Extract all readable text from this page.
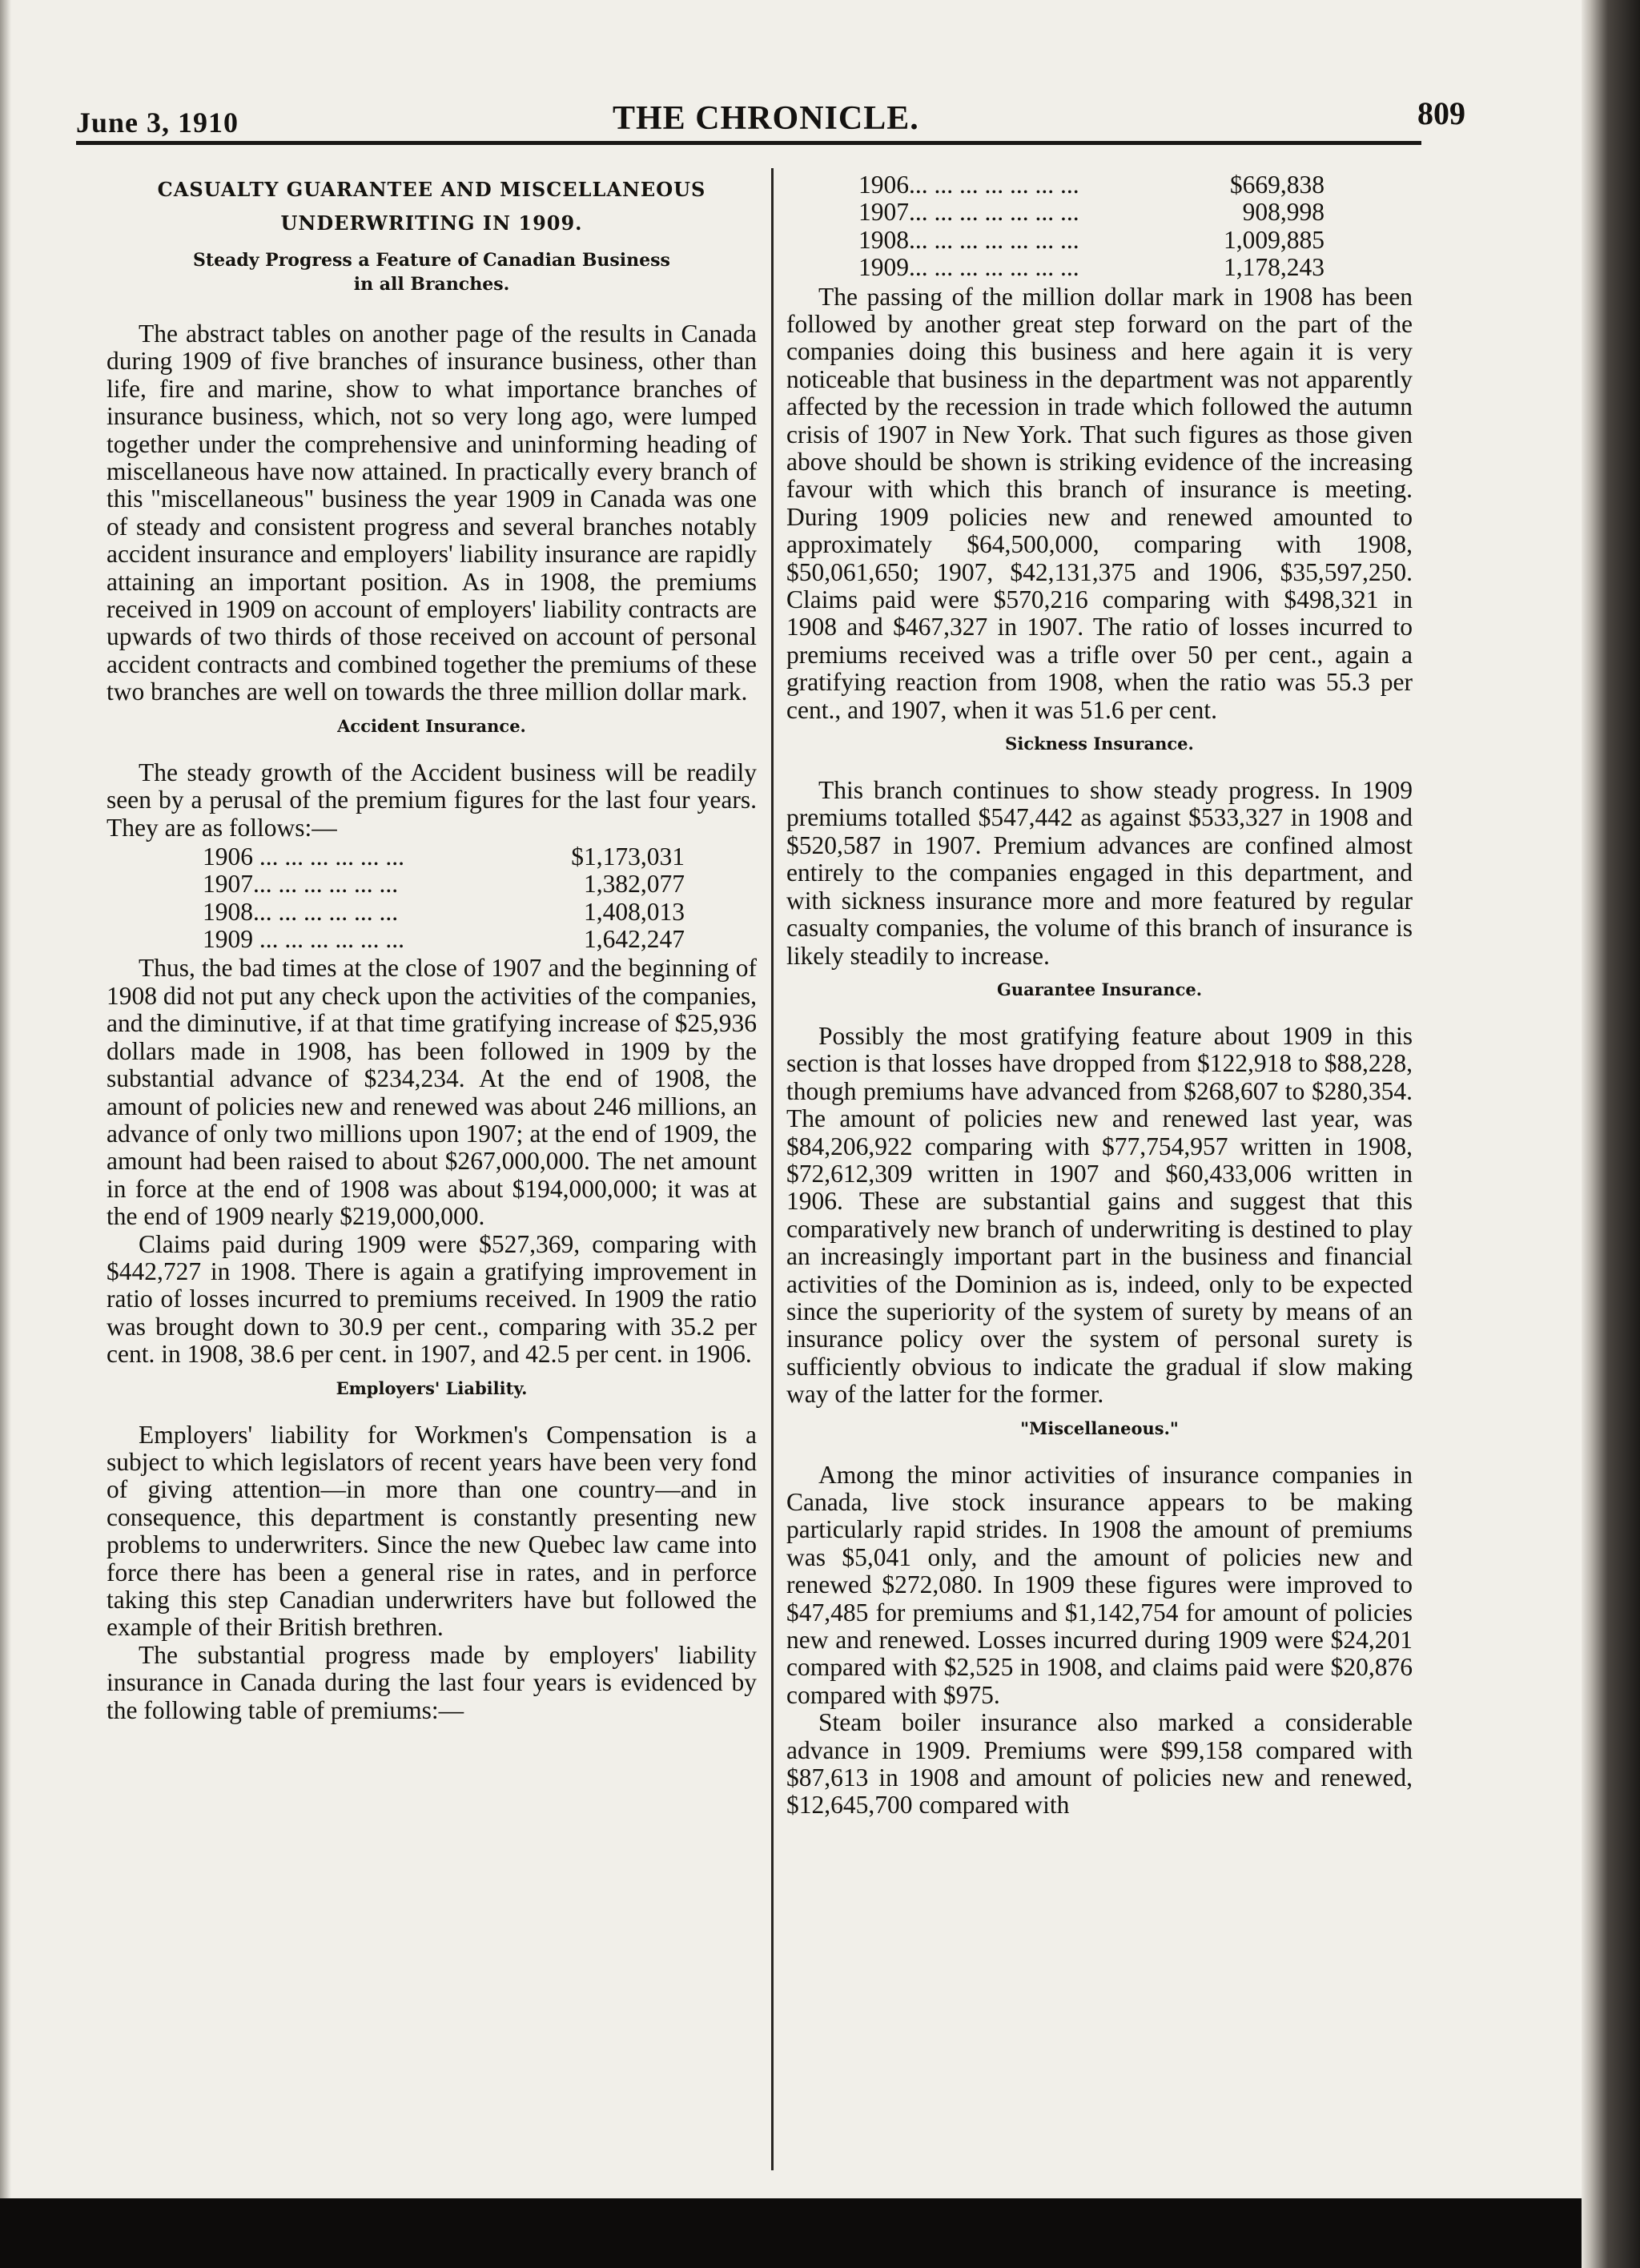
June 3, 1910	THE CHRONICLE.	809
CASUALTY GUARANTEE AND MISCELLANEOUS
UNDERWRITING IN 1909.
Steady Progress a Feature of Canadian Business
in all Branches.

The abstract tables on another page of the results in Canada during 1909 of five branches of insurance business, other than life, fire and marine, show to what importance branches of insurance business, which, not so very long ago, were lumped together under the comprehensive and uninforming heading of miscellaneous have now attained. In practically every branch of this "miscellaneous" business the year 1909 in Canada was one of steady and consistent progress and several branches notably accident insurance and employers' liability insurance are rapidly attaining an important position. As in 1908, the premiums received in 1909 on account of employers' liability contracts are upwards of two thirds of those received on account of personal accident contracts and combined together the premiums of these two branches are well on towards the three million dollar mark.

Accident Insurance.

The steady growth of the Accident business will be readily seen by a perusal of the premium figures for the last four years. They are as follows:—

1906 ... ... ... ... ... ...	$1,173,031
1907... ... ... ... ... ...	1,382,077
1908... ... ... ... ... ...	1,408,013
1909 ... ... ... ... ... ...	1,642,247

Thus, the bad times at the close of 1907 and the beginning of 1908 did not put any check upon the activities of the companies, and the diminutive, if at that time gratifying increase of $25,936 dollars made in 1908, has been followed in 1909 by the substantial advance of $234,234. At the end of 1908, the amount of policies new and renewed was about 246 millions, an advance of only two millions upon 1907; at the end of 1909, the amount had been raised to about $267,000,000. The net amount in force at the end of 1908 was about $194,000,000; it was at the end of 1909 nearly $219,000,000.

Claims paid during 1909 were $527,369, comparing with $442,727 in 1908. There is again a gratifying improvement in ratio of losses incurred to premiums received. In 1909 the ratio was brought down to 30.9 per cent., comparing with 35.2 per cent. in 1908, 38.6 per cent. in 1907, and 42.5 per cent. in 1906.

Employers' Liability.

Employers' liability for Workmen's Compensation is a subject to which legislators of recent years have been very fond of giving attention—in more than one country—and in consequence, this department is constantly presenting new problems to underwriters. Since the new Quebec law came into force there has been a general rise in rates, and in perforce taking this step Canadian underwriters have but followed the example of their British brethren.

The substantial progress made by employers' liability insurance in Canada during the last four years is evidenced by the following table of premiums:—

1906... ... ... ... ... ... ...	$669,838
1907... ... ... ... ... ... ...	908,998
1908... ... ... ... ... ... ...	1,009,885
1909... ... ... ... ... ... ...	1,178,243

The passing of the million dollar mark in 1908 has been followed by another great step forward on the part of the companies doing this business and here again it is very noticeable that business in the department was not apparently affected by the recession in trade which followed the autumn crisis of 1907 in New York. That such figures as those given above should be shown is striking evidence of the increasing favour with which this branch of insurance is meeting. During 1909 policies new and renewed amounted to approximately $64,500,000, comparing with 1908, $50,061,650; 1907, $42,131,375 and 1906, $35,597,250. Claims paid were $570,216 comparing with $498,321 in 1908 and $467,327 in 1907. The ratio of losses incurred to premiums received was a trifle over 50 per cent., again a gratifying reaction from 1908, when the ratio was 55.3 per cent., and 1907, when it was 51.6 per cent.

Sickness Insurance.

This branch continues to show steady progress. In 1909 premiums totalled $547,442 as against $533,327 in 1908 and $520,587 in 1907. Premium advances are confined almost entirely to the companies engaged in this department, and with sickness insurance more and more featured by regular casualty companies, the volume of this branch of insurance is likely steadily to increase.

Guarantee Insurance.

Possibly the most gratifying feature about 1909 in this section is that losses have dropped from $122,918 to $88,228, though premiums have advanced from $268,607 to $280,354. The amount of policies new and renewed last year, was $84,206,922 comparing with $77,754,957 written in 1908, $72,612,309 written in 1907 and $60,433,006 written in 1906. These are substantial gains and suggest that this comparatively new branch of underwriting is destined to play an increasingly important part in the business and financial activities of the Dominion as is, indeed, only to be expected since the superiority of the system of surety by means of an insurance policy over the system of personal surety is sufficiently obvious to indicate the gradual if slow making way of the latter for the former.

"Miscellaneous."

Among the minor activities of insurance companies in Canada, live stock insurance appears to be making particularly rapid strides. In 1908 the amount of premiums was $5,041 only, and the amount of policies new and renewed $272,080. In 1909 these figures were improved to $47,485 for premiums and $1,142,754 for amount of policies new and renewed. Losses incurred during 1909 were $24,201 compared with $2,525 in 1908, and claims paid were $20,876 compared with $975.

Steam boiler insurance also marked a considerable advance in 1909. Premiums were $99,158 compared with $87,613 in 1908 and amount of policies new and renewed, $12,645,700 compared with
